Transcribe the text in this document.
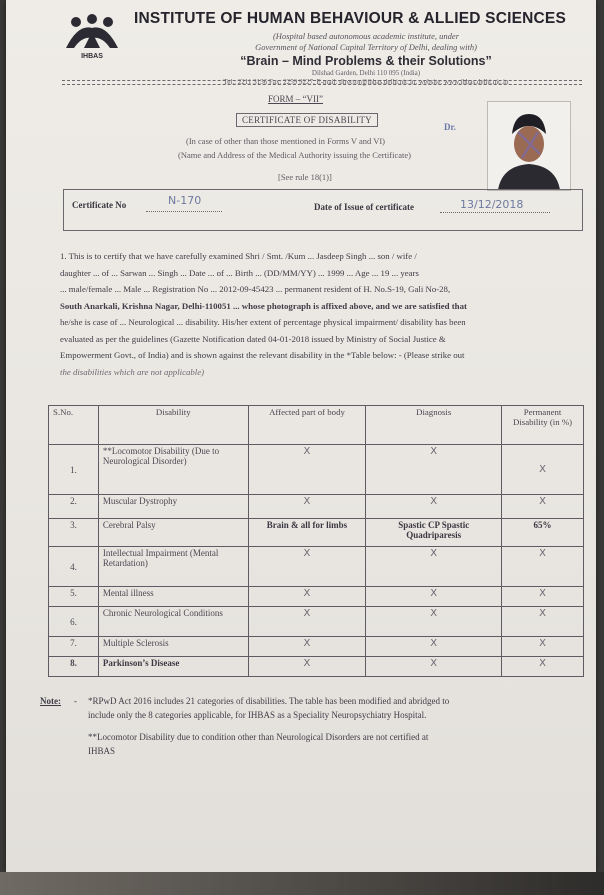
IHBAS
INSTITUTE OF HUMAN BEHAVIOUR & ALLIED SCIENCES
(Hospital based autonomous academic institute, under
Government of National Capital Territory of Delhi, dealing with)
“Brain – Mind Problems & their Solutions”
Dilshad Garden, Delhi 110 095 (India)
Tel.: 2211 3136 Fax: 2259 9227, E-mail: director@ihbas.delhi.nic.in, website: www.ihbas.delhi.nic.in
FORM – “VII”
CERTIFICATE OF DISABILITY
Dr.
(In case of other than those mentioned in Forms V and VI)
(Name and Address of the Medical Authority issuing the Certificate)
[See rule 18(1)]
Certificate No	N-170	Date of Issue of certificate	13/12/2018
1. This is to certify that we have carefully examined Shri / Smt. /Kum ... Jasdeep Singh ... son / wife /
daughter ... of ... Sarwan ... Singh ... Date ... of ... Birth ... (DD/MM/YY) ... 1999 ... Age ... 19 ... years
... male/female ... Male ... Registration No ... 2012-09-45423 ... permanent resident of H. No.S-19, Gali No-28,
South Anarkali, Krishna Nagar, Delhi-110051 ... whose photograph is affixed above, and we are satisfied that
he/she is case of ... Neurological ... disability. His/her extent of percentage physical impairment/ disability has been
evaluated as per the guidelines (Gazette Notification dated 04-01-2018 issued by Ministry of Social Justice &
Empowerment Govt., of India) and is shown against the relevant disability in the *Table below: - (Please strike out
the disabilities which are not applicable)
S.No.	Disability	Affected part of body	Diagnosis	Permanent Disability (in %)
1.	**Locomotor Disability (Due to Neurological Disorder)	X	X	X
2.	Muscular Dystrophy	X	X	X
3.	Cerebral Palsy	Brain & all for limbs	Spastic CP Spastic Quadriparesis	65%
4.	Intellectual Impairment (Mental Retardation)	X	X	X
5.	Mental illness	X	X	X
6.	Chronic Neurological Conditions	X	X	X
7.	Multiple Sclerosis	X	X	X
8.	Parkinson’s Disease	X	X	X
Note:	-	*RPwD Act 2016 includes 21 categories of disabilities. The table has been modified and abridged to
include only the 8 categories applicable, for IHBAS as a Speciality Neuropsychiatry Hospital.
**Locomotor Disability due to condition other than Neurological Disorders are not certified at
IHBAS
